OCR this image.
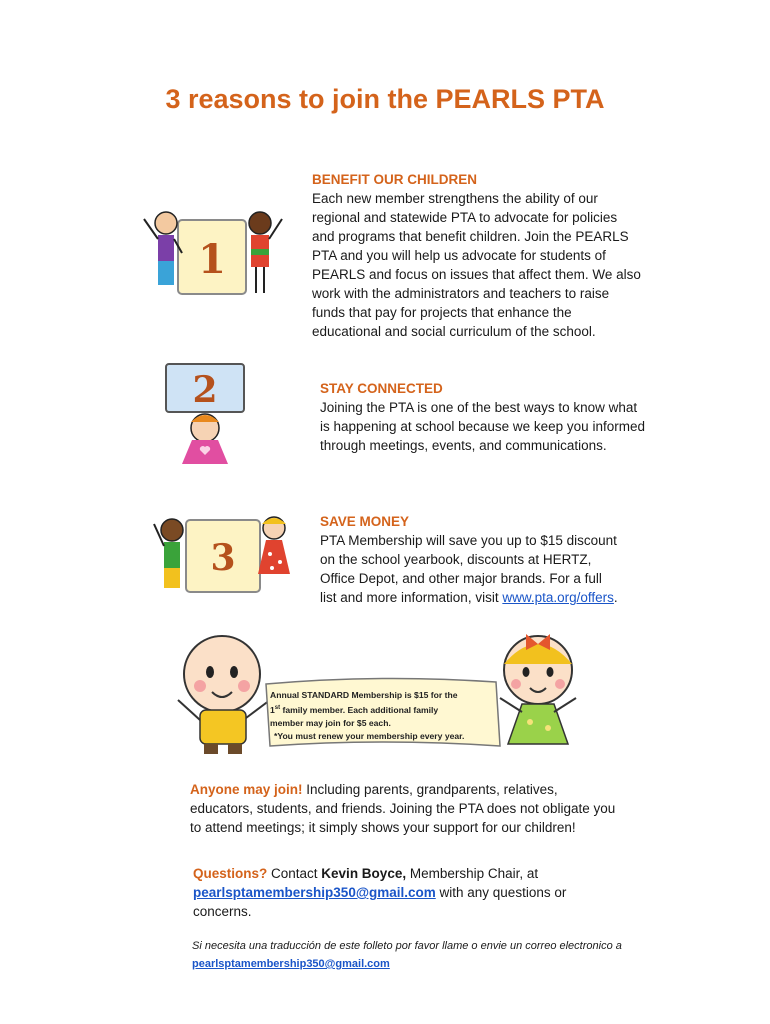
3 reasons to join the PEARLS PTA
1
2
3
BENEFIT OUR CHILDREN
Each new member strengthens the ability of our regional and statewide PTA to advocate for policies and programs that benefit children. Join the PEARLS PTA and you will help us advocate for students of PEARLS and focus on issues that affect them. We also work with the administrators and teachers to raise funds that pay for projects that enhance the educational and social curriculum of the school.
STAY CONNECTED
Joining the PTA is one of the best ways to know what is happening at school because we keep you informed through meetings, events, and communications.
SAVE MONEY
PTA Membership will save you up to $15 discount on the school yearbook, discounts at HERTZ, Office Depot, and other major brands. For a full list and more information, visit www.pta.org/offers.
Annual STANDARD Membership is $15 for the
1st family member. Each additional family
member may join for $5 each.
*You must renew your membership every year.
Anyone may join! Including parents, grandparents, relatives, educators, students, and friends. Joining the PTA does not obligate you to attend meetings; it simply shows your support for our children!
Questions? Contact Kevin Boyce, Membership Chair, at
pearlsptamembership350@gmail.com with any questions or concerns.
Si necesita una traducción de este folleto por favor llame o envie un correo electronico a pearlsptamembership350@gmail.com
